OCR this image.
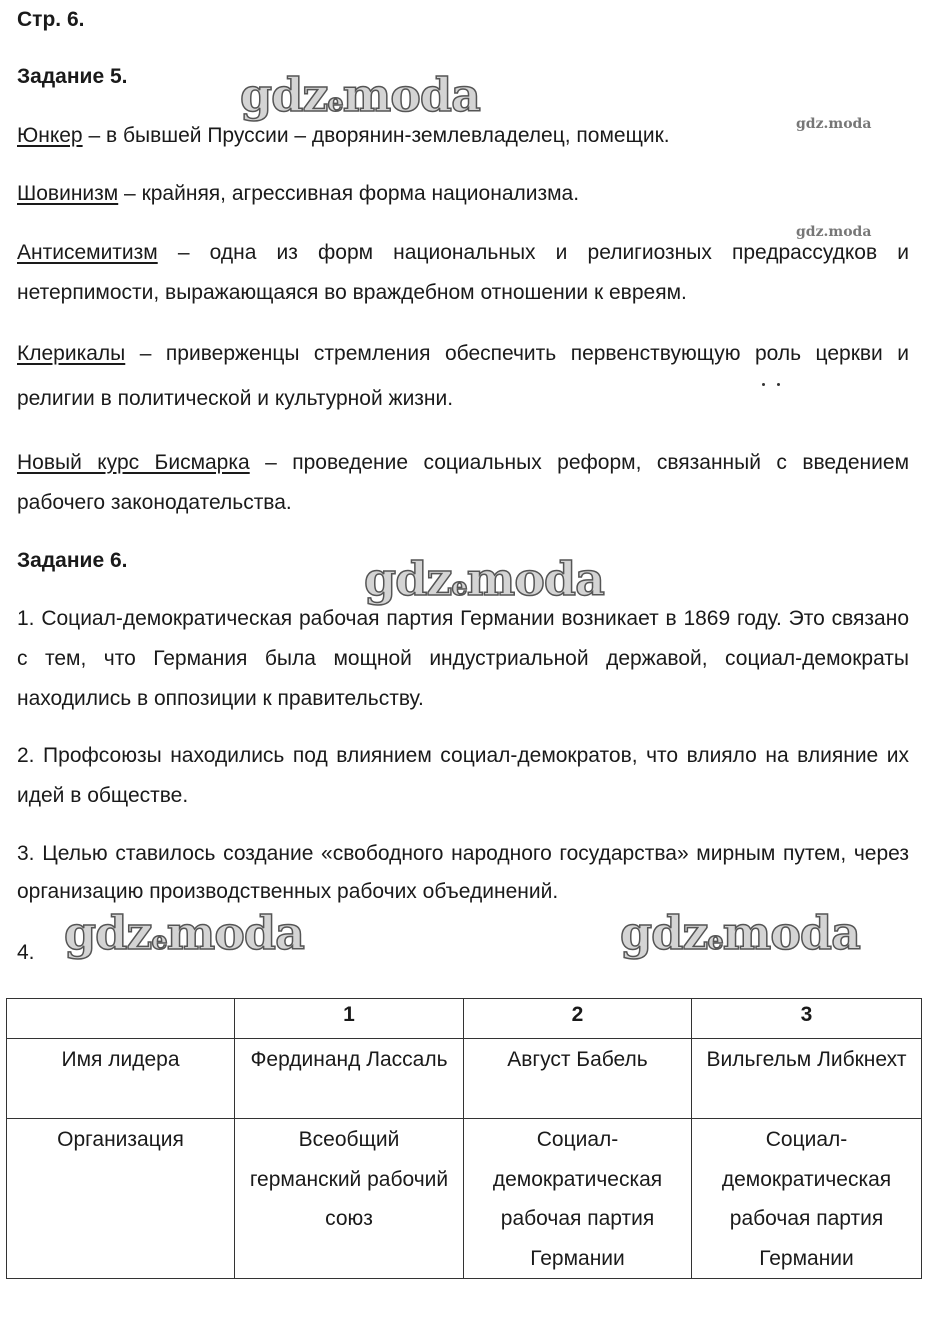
Стр. 6.
Задание 5. gdzemoda
gdz.moda
gdz.moda
gdzemoda
gdzemoda	gdzemoda

Юнкер – в бывшей Пруссии – дворянин-землевладелец, помещик.

Шовинизм – крайняя, агрессивная форма национализма.

Антисемитизм – одна из форм национальных и религиозных предрассудков и нетерпимости, выражающаяся во враждебном отношении к евреям.

Клерикалы – приверженцы стремления обеспечить первенствующую роль церкви и религии в политической и культурной жизни.

Новый курс Бисмарка – проведение социальных реформ, связанный с введением рабочего законодательства.

Задание 6.

1. Социал-демократическая рабочая партия Германии возникает в 1869 году. Это связано с тем, что Германия была мощной индустриальной державой, социал-демократы находились в оппозиции к правительству.

2. Профсоюзы находились под влиянием социал-демократов, что влияло на влияние их идей в обществе.

3. Целью ставилось создание «свободного народного государства» мирным путем, через организацию производственных рабочих объединений.

4.
	1	2	3
Имя лидера	Фердинанд Лассаль	Август Бабель	Вильгельм Либкнехт
Организация	Всеобщий германский рабочий союз	Социал-демократическая рабочая партия Германии	Социал-демократическая рабочая партия Германии
